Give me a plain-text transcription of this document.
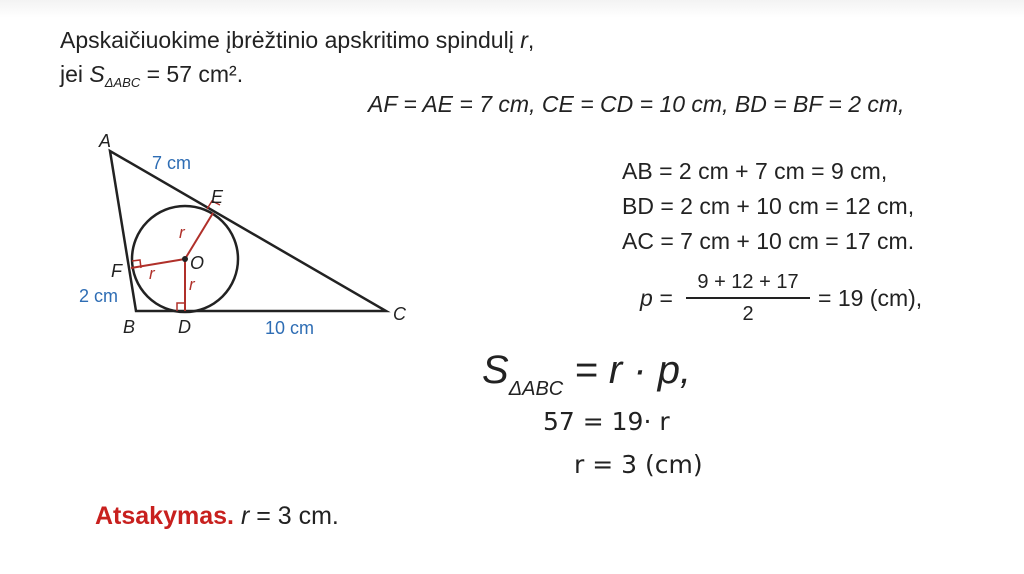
Apskaičiuokime įbrėžtinio apskritimo spindulį r,
jei $S_{\Delta ABC} = 57$ cm².
AF = AE = 7 cm, CE = CD = 10 cm, BD = BF = 2 cm,
AB = 2 cm + 7 cm = 9 cm,
BD = 2 cm + 10 cm = 12 cm,
AC = 7 cm + 10 cm = 17 cm.
p =
9 + 12 + 17
2
= 19 (cm),
$S_{\Delta ABC} = r \cdot p$,
57 = 19· r
r = 3 (cm)
Atsakymas. r = 3 cm.
A
B
C
D
E
F	O
r
r
r
7 cm
2 cm
10 cm
